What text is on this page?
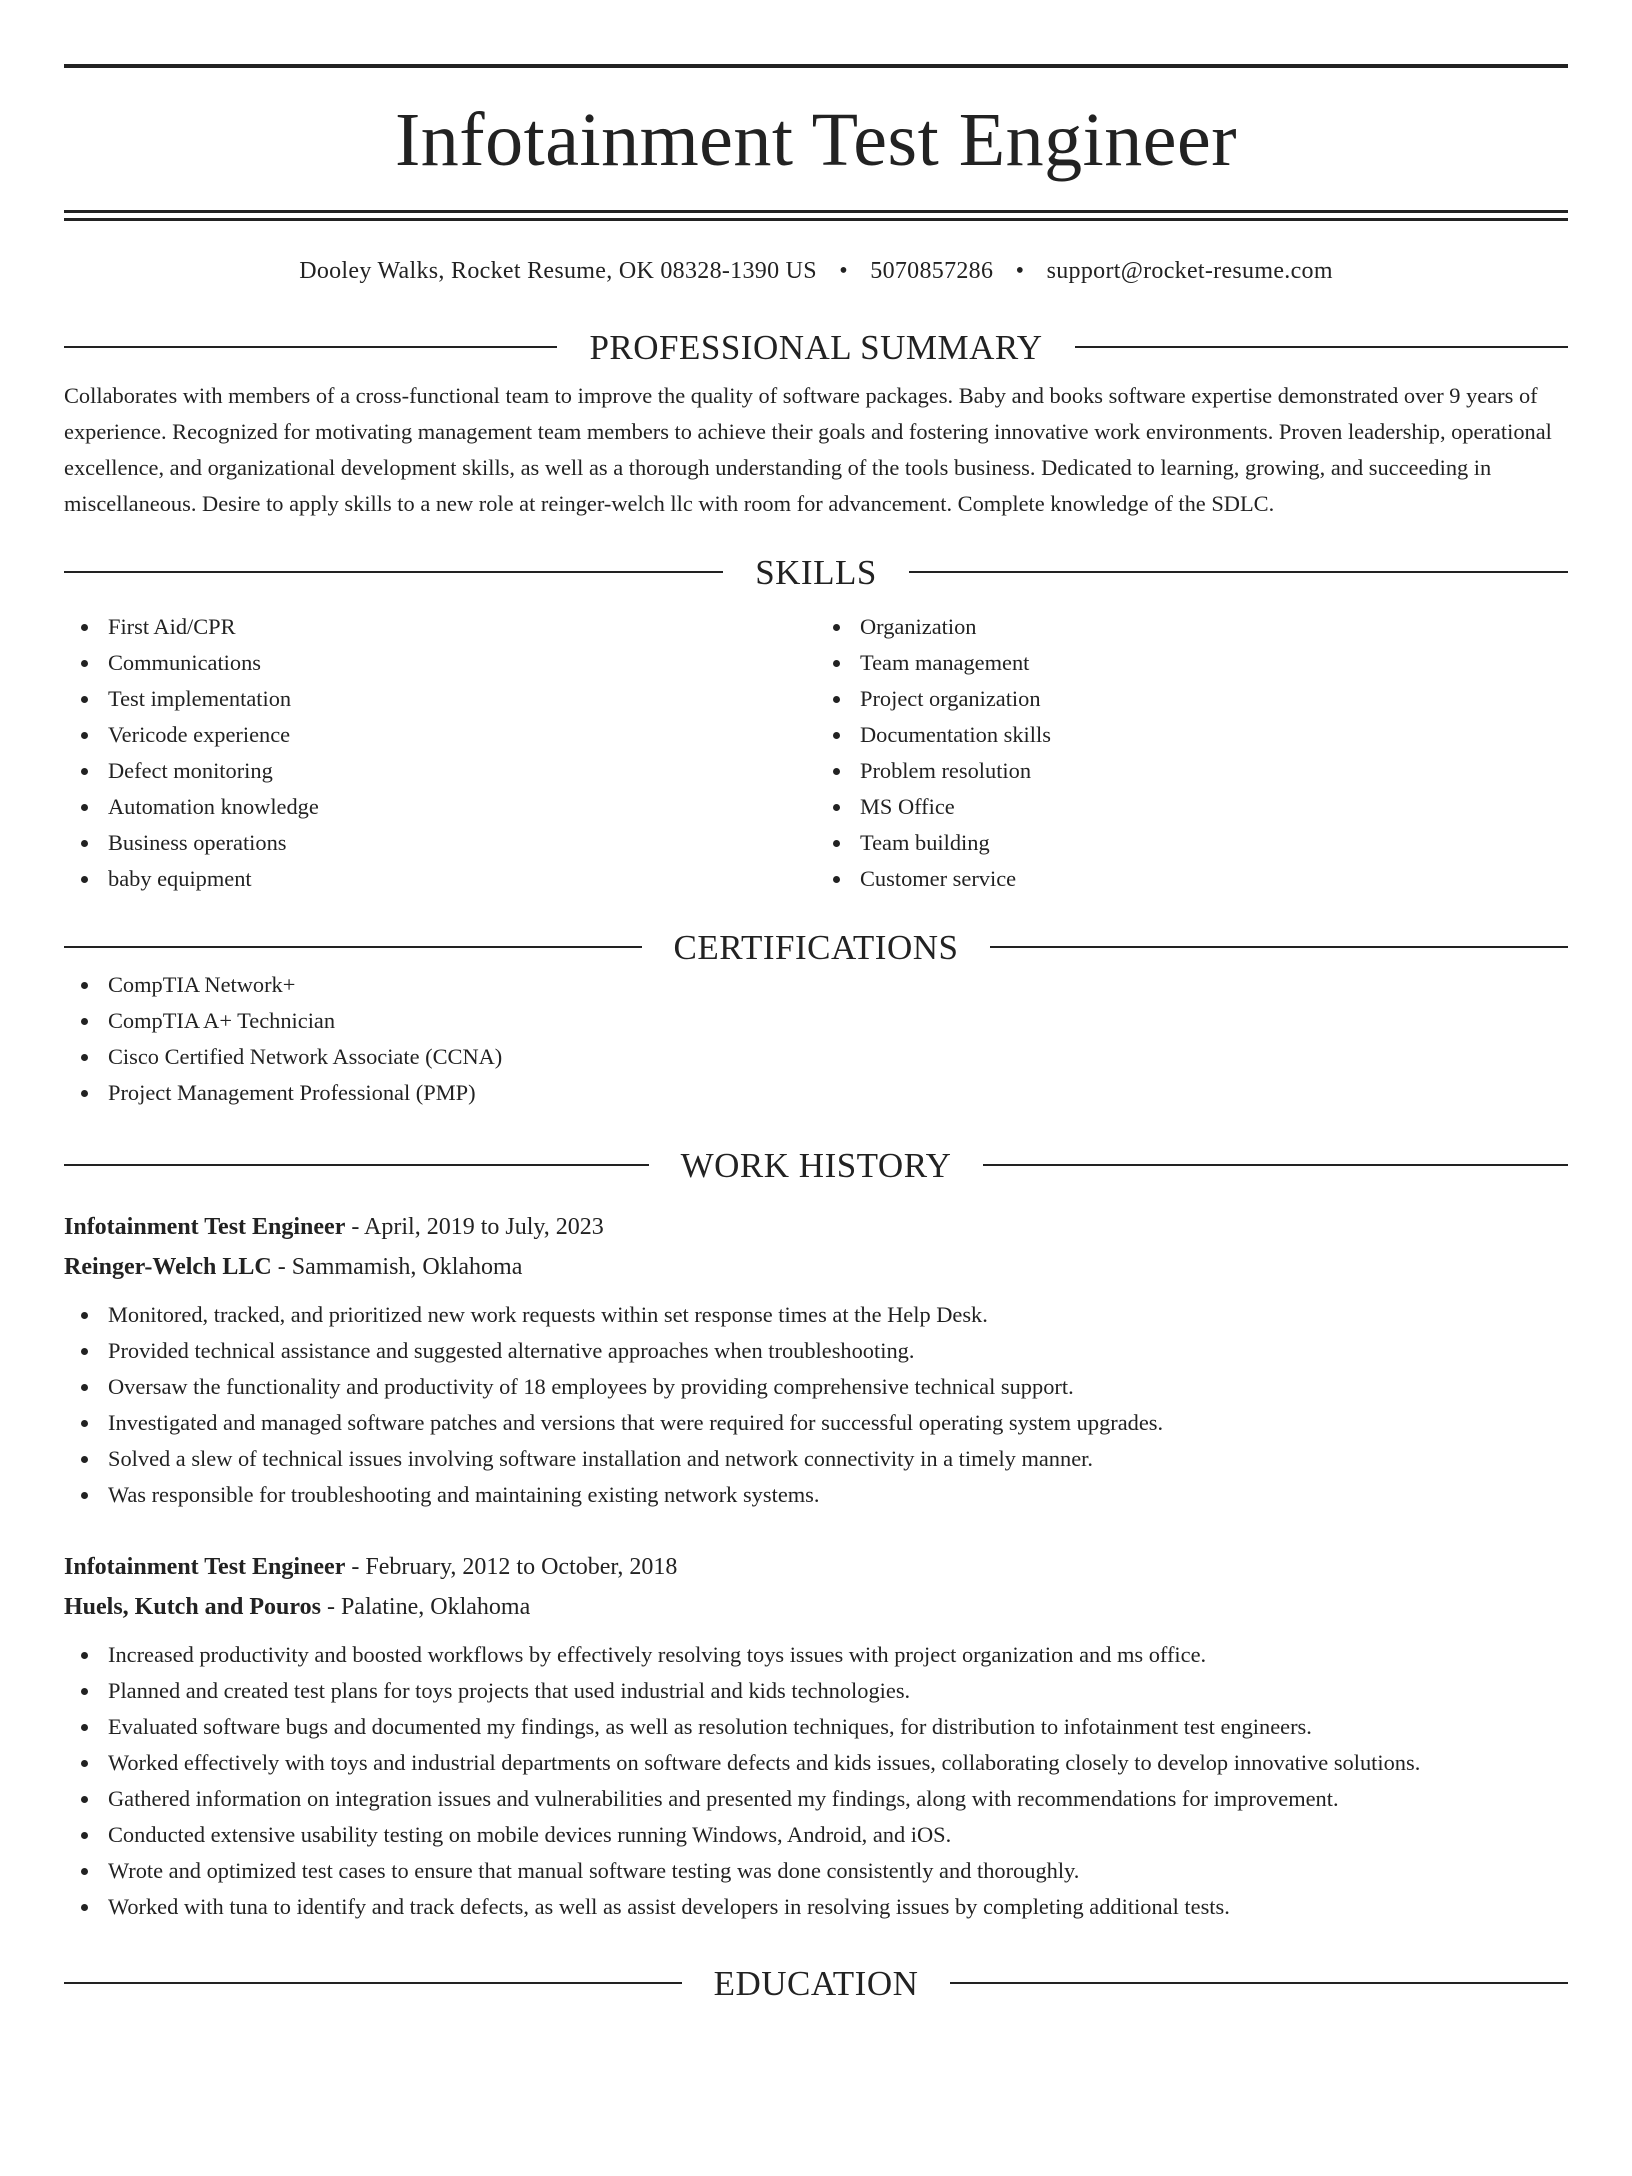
Infotainment Test Engineer
Dooley Walks, Rocket Resume, OK 08328-1390 US • 5070857286 • support@rocket-resume.com
PROFESSIONAL SUMMARY
Collaborates with members of a cross-functional team to improve the quality of software packages. Baby and books software expertise demonstrated over 9 years of experience. Recognized for motivating management team members to achieve their goals and fostering innovative work environments. Proven leadership, operational excellence, and organizational development skills, as well as a thorough understanding of the tools business. Dedicated to learning, growing, and succeeding in miscellaneous. Desire to apply skills to a new role at reinger-welch llc with room for advancement. Complete knowledge of the SDLC.
SKILLS
First Aid/CPR
Communications
Test implementation
Vericode experience
Defect monitoring
Automation knowledge
Business operations
baby equipment
Organization
Team management
Project organization
Documentation skills
Problem resolution
MS Office
Team building
Customer service
CERTIFICATIONS
CompTIA Network+
CompTIA A+ Technician
Cisco Certified Network Associate (CCNA)
Project Management Professional (PMP)
WORK HISTORY
Infotainment Test Engineer - April, 2019 to July, 2023
Reinger-Welch LLC - Sammamish, Oklahoma
Monitored, tracked, and prioritized new work requests within set response times at the Help Desk.
Provided technical assistance and suggested alternative approaches when troubleshooting.
Oversaw the functionality and productivity of 18 employees by providing comprehensive technical support.
Investigated and managed software patches and versions that were required for successful operating system upgrades.
Solved a slew of technical issues involving software installation and network connectivity in a timely manner.
Was responsible for troubleshooting and maintaining existing network systems.
Infotainment Test Engineer - February, 2012 to October, 2018
Huels, Kutch and Pouros - Palatine, Oklahoma
Increased productivity and boosted workflows by effectively resolving toys issues with project organization and ms office.
Planned and created test plans for toys projects that used industrial and kids technologies.
Evaluated software bugs and documented my findings, as well as resolution techniques, for distribution to infotainment test engineers.
Worked effectively with toys and industrial departments on software defects and kids issues, collaborating closely to develop innovative solutions.
Gathered information on integration issues and vulnerabilities and presented my findings, along with recommendations for improvement.
Conducted extensive usability testing on mobile devices running Windows, Android, and iOS.
Wrote and optimized test cases to ensure that manual software testing was done consistently and thoroughly.
Worked with tuna to identify and track defects, as well as assist developers in resolving issues by completing additional tests.
EDUCATION
